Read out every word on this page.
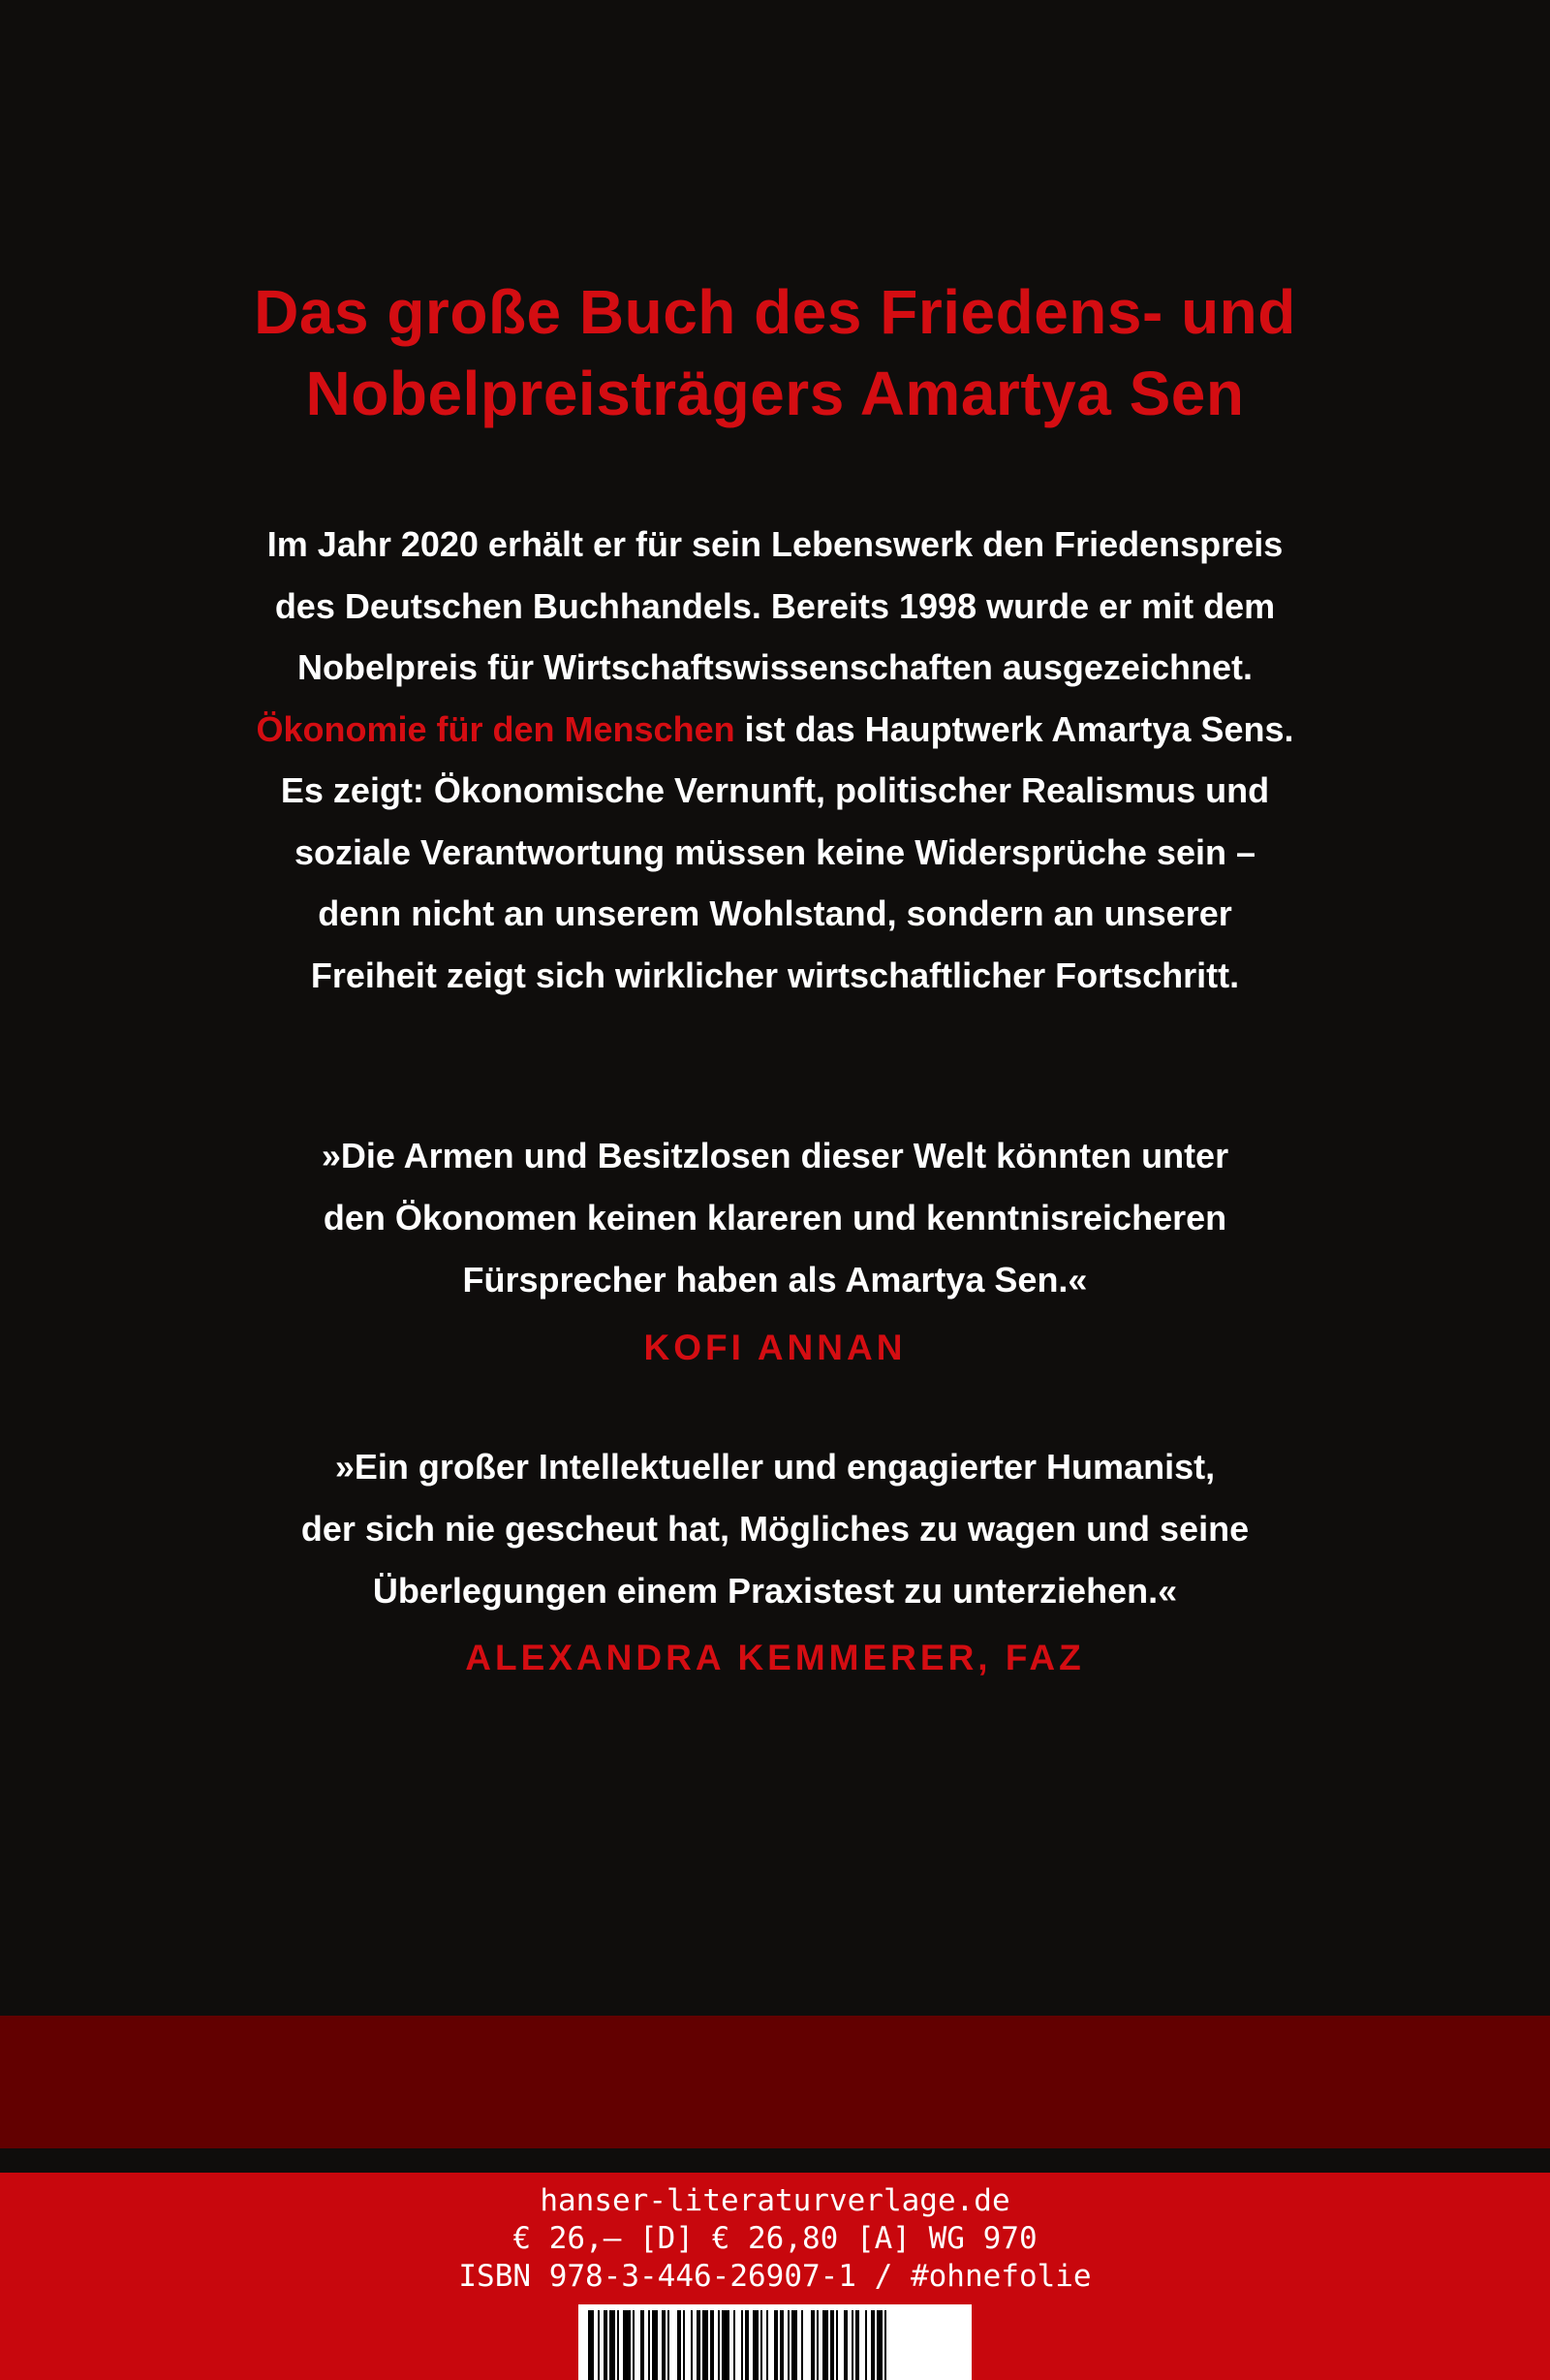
Das große Buch des Friedens- und
Nobelpreisträgers Amartya Sen
Im Jahr 2020 erhält er für sein Lebenswerk den Friedenspreis
des Deutschen Buchhandels. Bereits 1998 wurde er mit dem
Nobelpreis für Wirtschaftswissenschaften ausgezeichnet.
Ökonomie für den Menschen ist das Hauptwerk Amartya Sens.
Es zeigt: Ökonomische Vernunft, politischer Realismus und
soziale Verantwortung müssen keine Widersprüche sein –
denn nicht an unserem Wohlstand, sondern an unserer
Freiheit zeigt sich wirklicher wirtschaftlicher Fortschritt.
»Die Armen und Besitzlosen dieser Welt könnten unter
den Ökonomen keinen klareren und kenntnisreicheren
Fürsprecher haben als Amartya Sen.«
KOFI ANNAN
»Ein großer Intellektueller und engagierter Humanist,
der sich nie gescheut hat, Mögliches zu wagen und seine
Überlegungen einem Praxistest zu unterziehen.«
ALEXANDRA KEMMERER, FAZ
hanser-literaturverlage.de
€ 26,– [D] € 26,80 [A] WG 970
ISBN 978-3-446-26907-1 / #ohnefolie
